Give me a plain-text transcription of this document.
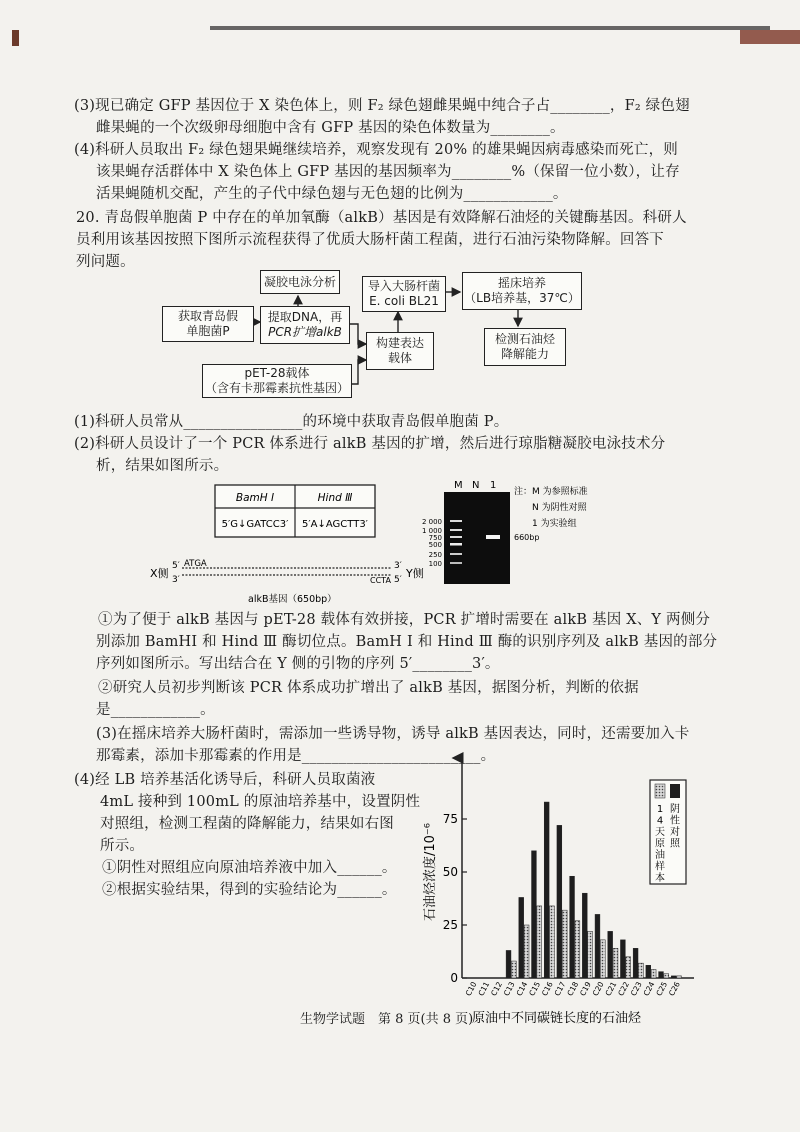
(3)现已确定 GFP 基因位于 X 染色体上，则 F₂ 绿色翅雌果蝇中纯合子占________，F₂ 绿色翅
雌果蝇的一个次级卵母细胞中含有 GFP 基因的染色体数量为________。
(4)科研人员取出 F₂ 绿色翅果蝇继续培养，观察发现有 20% 的雄果蝇因病毒感染而死亡，则
该果蝇存活群体中 X 染色体上 GFP 基因的基因频率为________%（保留一位小数），让存
活果蝇随机交配，产生的子代中绿色翅与无色翅的比例为____________。
20. 青岛假单胞菌 P 中存在的单加氧酶（alkB）基因是有效降解石油烃的关键酶基因。科研人
员利用该基因按照下图所示流程获得了优质大肠杆菌工程菌，进行石油污染物降解。回答下
列问题。
凝胶电泳分析
获取青岛假
单胞菌P
提取DNA，再
PCR扩增alkB
pET-28载体
（含有卡那霉素抗性基因）
构建表达
载体
导入大肠杆菌
E. coli BL21
摇床培养
（LB培养基，37℃）
检测石油烃
降解能力
(1)科研人员常从________________的环境中获取青岛假单胞菌 P。
(2)科研人员设计了一个 PCR 体系进行 alkB 基因的扩增，然后进行琼脂糖凝胶电泳技术分
析，结果如图所示。
BamH Ⅰ	Hind Ⅲ
5′G↓GATCC3′ 5′A↓AGCTT3′
X侧
5′
3′
ATGA	3′
5′
CCTA
Y侧
alkB基因（650bp）
M N 1
2 000
1 000
750
500
250
100
660bp
注：M 为参照标准
N 为阴性对照
1 为实验组
①为了便于 alkB 基因与 pET-28 载体有效拼接，PCR 扩增时需要在 alkB 基因 X、Y 两侧分
别添加 BamHI 和 Hind Ⅲ 酶切位点。BamH Ⅰ 和 Hind Ⅲ 酶的识别序列及 alkB 基因的部分
序列如图所示。写出结合在 Y 侧的引物的序列 5′________3′。
②研究人员初步判断该 PCR 体系成功扩增出了 alkB 基因，据图分析，判断的依据
是____________。
(3)在摇床培养大肠杆菌时，需添加一些诱导物，诱导 alkB 基因表达，同时，还需要加入卡
那霉素，添加卡那霉素的作用是________________________。
(4)经 LB 培养基活化诱导后，科研人员取菌液
4mL 接种到 100mL 的原油培养基中，设置阴性
对照组，检测工程菌的降解能力，结果如右图
所示。
①阴性对照组应向原油培养液中加入______。
②根据实验结果，得到的实验结论为______。
0
25
50
75
石油烃浓度/10⁻⁶
C10
C11
C12
C13
C14
C15
C16
C17
C18
C19
C20
C21
C22
C23
C24
C25
C26
原油中不同碳链长度的石油烃
1
4
天
原
油
样
本
阴
性
对
照
生物学试题　第 8 页(共 8 页)
